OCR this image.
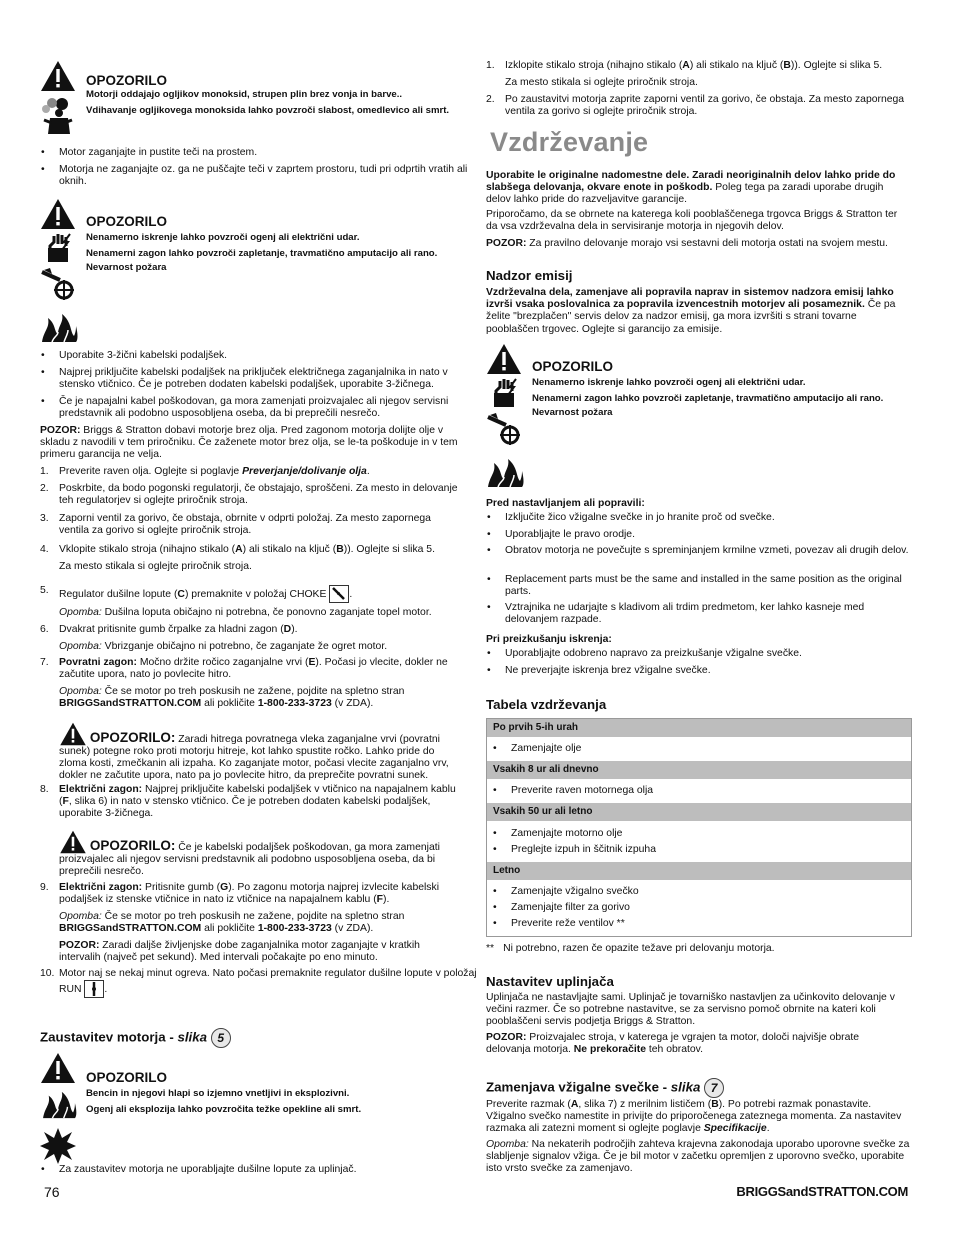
OPOZORILO

Motorji oddajajo ogljikov monoksid, strupen plin brez vonja in barve..

Vdihavanje ogljikovega monoksida lahko povzroči slabost, omedlevico ali smrt.

• Motor zaganjajte in pustite teči na prostem.

• Motorja ne zaganjajte oz. ga ne puščajte teči v zaprtem prostoru, tudi pri odprtih vratih ali oknih.

OPOZORILO

Nenamerno iskrenje lahko povzroči ogenj ali električni udar.

Nenamerni zagon lahko povzroči zapletanje, travmatično amputacijo ali rano.

Nevarnost požara

• Uporabite 3-žični kabelski podaljšek.

• Najprej priključite kabelski podaljšek na priključek električnega zaganjalnika in nato v stensko vtičnico. Če je potreben dodaten kabelski podaljšek, uporabite 3-žičnega.

• Če je napajalni kabel poškodovan, ga mora zamenjati proizvajalec ali njegov servisni predstavnik ali podobno usposobljena oseba, da bi preprečili nesrečo.

POZOR: Briggs & Stratton dobavi motorje brez olja. Pred zagonom motorja dolijte olje v skladu z navodili v tem priročniku. Če zaženete motor brez olja, se le-ta poškoduje in v tem primeru garancija ne velja.

1. Preverite raven olja. Oglejte si poglavje Preverjanje/dolivanje olja.

2. Poskrbite, da bodo pogonski regulatorji, če obstajajo, sproščeni. Za mesto in delovanje teh regulatorjev si oglejte priročnik stroja.

3. Zaporni ventil za gorivo, če obstaja, obrnite v odprti položaj. Za mesto zapornega ventila za gorivo si oglejte priročnik stroja.

4. Vklopite stikalo stroja (nihajno stikalo (A) ali stikalo na ključ (B)). Oglejte si slika 5.

Za mesto stikala si oglejte priročnik stroja.

5. Regulator dušilne lopute (C) premaknite v položaj CHOKE .

Opomba: Dušilna loputa običajno ni potrebna, če ponovno zaganjate topel motor.

6. Dvakrat pritisnite gumb črpalke za hladni zagon (D).

Opomba: Vbrizganje običajno ni potrebno, če zaganjate že ogret motor.

7. Povratni zagon: Močno držite ročico zaganjalne vrvi (E). Počasi jo vlecite, dokler ne začutite upora, nato jo povlecite hitro.

Opomba: Če se motor po treh poskusih ne zažene, pojdite na spletno stran BRIGGSandSTRATTON.COM ali pokličite 1-800-233-3723 (v ZDA).

OPOZORILO: Zaradi hitrega povratnega vleka zaganjalne vrvi (povratni sunek) potegne roko proti motorju hitreje, kot lahko spustite ročko. Lahko pride do zloma kosti, zmečkanin ali izpaha. Ko zaganjate motor, počasi vlecite zaganjalno vrv, dokler ne začutite upora, nato pa jo povlecite hitro, da preprečite povratni sunek.

8. Električni zagon: Najprej priključite kabelski podaljšek v vtičnico na napajalnem kablu (F, slika 6) in nato v stensko vtičnico. Če je potreben dodaten kabelski podaljšek, uporabite 3-žičnega.

OPOZORILO: Če je kabelski podaljšek poškodovan, ga mora zamenjati proizvajalec ali njegov servisni predstavnik ali podobno usposobljena oseba, da bi preprečili nesrečo.

9. Električni zagon: Pritisnite gumb (G). Po zagonu motorja najprej izvlecite kabelski podaljšek iz stenske vtičnice in nato iz vtičnice na napajalnem kablu (F).

Opomba: Če se motor po treh poskusih ne zažene, pojdite na spletno stran BRIGGSandSTRATTON.COM ali pokličite 1-800-233-3723 (v ZDA).

POZOR: Zaradi daljše življenjske dobe zaganjalnika motor zaganjajte v kratkih intervalih (največ pet sekund). Med intervali počakajte po eno minuto.

10. Motor naj se nekaj minut ogreva. Nato počasi premaknite regulator dušilne lopute v položaj RUN .

Zaustavitev motorja - slika 5

OPOZORILO

Bencin in njegovi hlapi so izjemno vnetljivi in eksplozivni.

Ogenj ali eksplozija lahko povzročita težke opekline ali smrt.

• Za zaustavitev motorja ne uporabljajte dušilne lopute za uplinjač.

1. Izklopite stikalo stroja (nihajno stikalo (A) ali stikalo na ključ (B)). Oglejte si slika 5.

Za mesto stikala si oglejte priročnik stroja.

2. Po zaustavitvi motorja zaprite zaporni ventil za gorivo, če obstaja. Za mesto zapornega ventila za gorivo si oglejte priročnik stroja.

Vzdrževanje

Uporabite le originalne nadomestne dele. Zaradi neoriginalnih delov lahko pride do slabšega delovanja, okvare enote in poškodb. Poleg tega pa zaradi uporabe drugih delov lahko pride do razveljavitve garancije.

Priporočamo, da se obrnete na katerega koli pooblaščenega trgovca Briggs & Stratton ter da vsa vzdrževalna dela in servisiranje motorja in njegovih delov.

POZOR: Za pravilno delovanje morajo vsi sestavni deli motorja ostati na svojem mestu.

Nadzor emisij

Vzdrževalna dela, zamenjave ali popravila naprav in sistemov nadzora emisij lahko izvrši vsaka poslovalnica za popravila izvencestnih motorjev ali posameznik. Če pa želite "brezplačen" servis delov za nadzor emisij, ga mora izvršiti s strani tovarne pooblaščen trgovec. Oglejte si garancijo za emisije.

OPOZORILO

Nenamerno iskrenje lahko povzroči ogenj ali električni udar.

Nenamerni zagon lahko povzroči zapletanje, travmatično amputacijo ali rano.

Nevarnost požara

Pred nastavljanjem ali popravili:

• Izključite žico vžigalne svečke in jo hranite proč od svečke.

• Uporabljajte le pravo orodje.

• Obratov motorja ne povečujte s spreminjanjem krmilne vzmeti, povezav ali drugih delov.

• Replacement parts must be the same and installed in the same position as the original parts.

• Vztrajnika ne udarjajte s kladivom ali trdim predmetom, ker lahko kasneje med delovanjem razpade.

Pri preizkušanju iskrenja:

• Uporabljajte odobreno napravo za preizkušanje vžigalne svečke.

• Ne preverjajte iskrenja brez vžigalne svečke.

Tabela vzdrževanja

Po prvih 5-ih urah
• Zamenjajte olje
Vsakih 8 ur ali dnevno
• Preverite raven motornega olja
Vsakih 50 ur ali letno
• Zamenjajte motorno olje
• Preglejte izpuh in ščitnik izpuha
Letno
• Zamenjajte vžigalno svečko
• Zamenjajte filter za gorivo
• Preverite reže ventilov **

** Ni potrebno, razen če opazite težave pri delovanju motorja.

Nastavitev uplinjača

Uplinjača ne nastavljajte sami. Uplinjač je tovarniško nastavljen za učinkovito delovanje v večini razmer. Če so potrebne nastavitve, se za servisno pomoč obrnite na kateri koli pooblaščeni servis podjetja Briggs & Stratton.

POZOR: Proizvajalec stroja, v katerega je vgrajen ta motor, določi najvišje obrate delovanja motorja. Ne prekoračite teh obratov.

Zamenjava vžigalne svečke - slika 7

Preverite razmak (A, slika 7) z merilnim lističem (B). Po potrebi razmak ponastavite. Vžigalno svečko namestite in privijte do priporočenega zateznega momenta. Za nastavitev razmaka ali zatezni moment si oglejte poglavje Specifikacije.

Opomba: Na nekaterih področjih zahteva krajevna zakonodaja uporabo uporovne svečke za slabljenje signalov vžiga. Če je bil motor v začetku opremljen z uporovno svečko, uporabite isto vrsto svečke za zamenjavo.

76	BRIGGSandSTRATTON.COM
